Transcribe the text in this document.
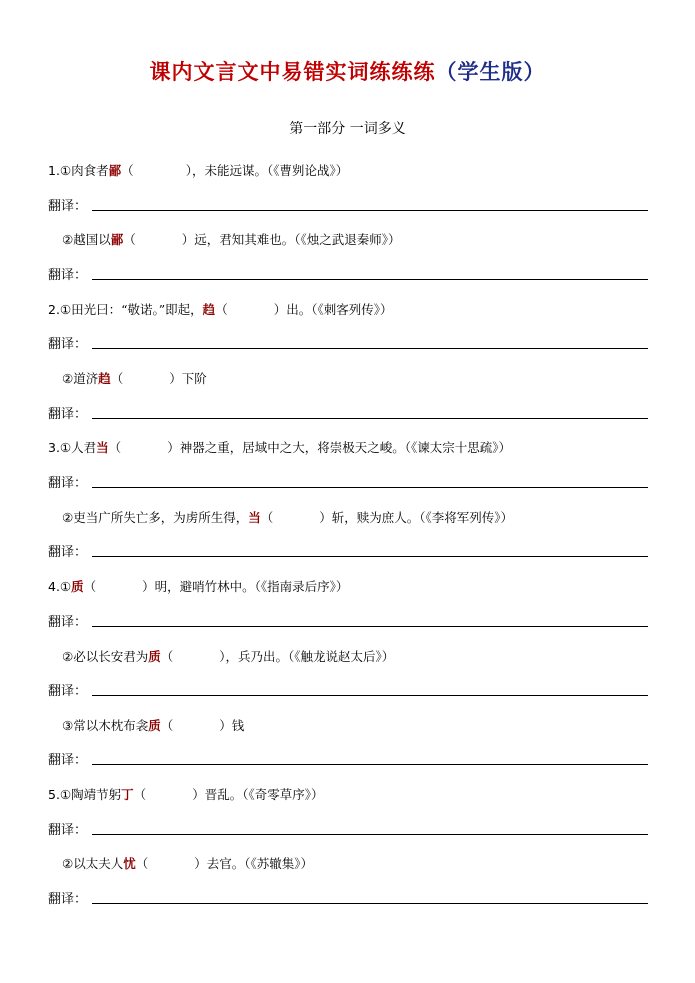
课内文言文中易错实词练练练（学生版）
第一部分 一词多义
1.①肉食者鄙（	），未能远谋。（《曹刿论战》）
翻译：
②越国以鄙（	）远，君知其难也。（《烛之武退秦师》）
翻译：
2.①田光曰：“敬诺。”即起，趋（	）出。（《刺客列传》）
翻译：
②道济趋（	）下阶
翻译：
3.①人君当（	）神器之重，居域中之大，将崇极天之峻。（《谏太宗十思疏》）
翻译：
②吏当广所失亡多，为虏所生得，当（	）斩，赎为庶人。（《李将军列传》）
翻译：
4.①质（	）明，避哨竹林中。（《指南录后序》）
翻译：
②必以长安君为质（	），兵乃出。（《触龙说赵太后》）
翻译：
③常以木枕布衾质（	）钱
翻译：
5.①陶靖节躬丁（	）晋乱。（《奇零草序》）
翻译：
②以太夫人忧（	）去官。（《苏辙集》）
翻译：
